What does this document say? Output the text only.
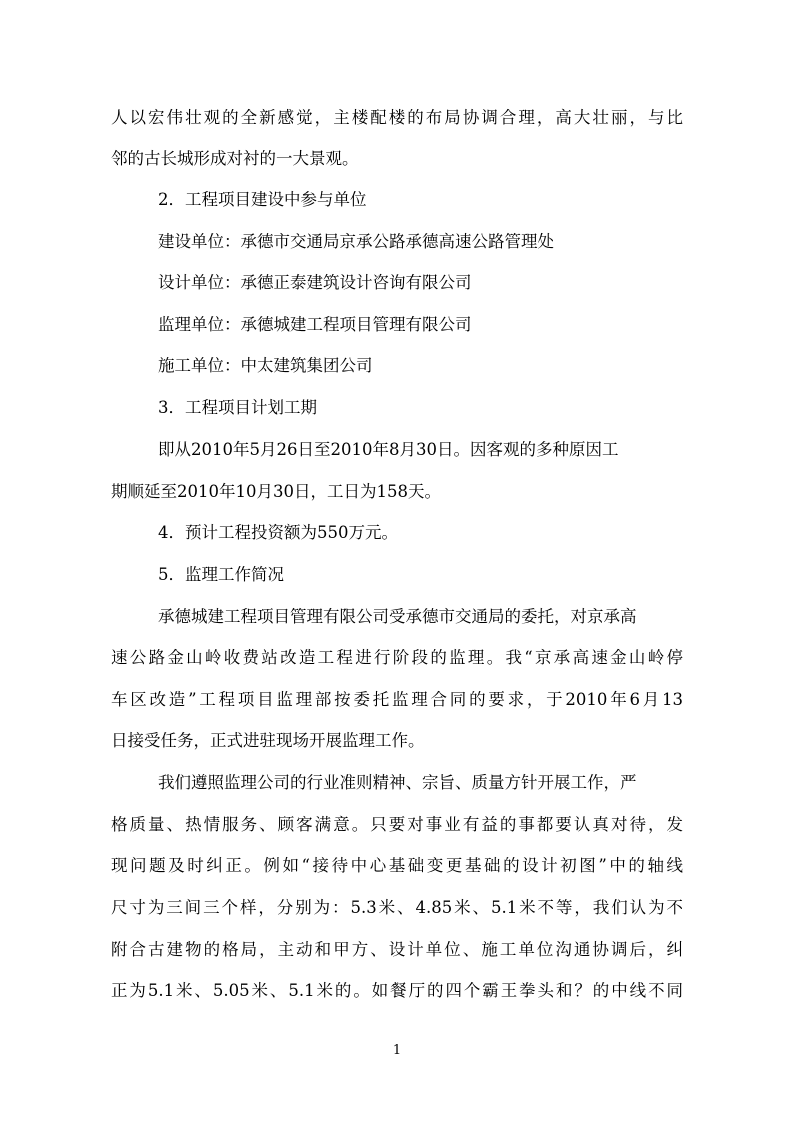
人以宏伟壮观的全新感觉，主楼配楼的布局协调合理，高大壮丽，与比
邻的古长城形成对衬的一大景观。
2．工程项目建设中参与单位
建设单位：承德市交通局京承公路承德高速公路管理处
设计单位：承德正泰建筑设计咨询有限公司
监理单位：承德城建工程项目管理有限公司
施工单位：中太建筑集团公司
3．工程项目计划工期
即从2010年5月26日至2010年8月30日。因客观的多种原因工
期顺延至2010年10月30日，工日为158天。
4．预计工程投资额为550万元。
5．监理工作简况
承德城建工程项目管理有限公司受承德市交通局的委托，对京承高
速公路金山岭收费站改造工程进行阶段的监理。我“京承高速金山岭停
车区改造”工程项目监理部按委托监理合同的要求，于2010年6月13
日接受任务，正式进驻现场开展监理工作。
我们遵照监理公司的行业准则精神、宗旨、质量方针开展工作，严
格质量、热情服务、顾客满意。只要对事业有益的事都要认真对待，发
现问题及时纠正。例如“接待中心基础变更基础的设计初图”中的轴线
尺寸为三间三个样，分别为：5.3米、4.85米、5.1米不等，我们认为不
附合古建物的格局，主动和甲方、设计单位、施工单位沟通协调后，纠
正为5.1米、5.05米、5.1米的。如餐厅的四个霸王拳头和？的中线不同
1
